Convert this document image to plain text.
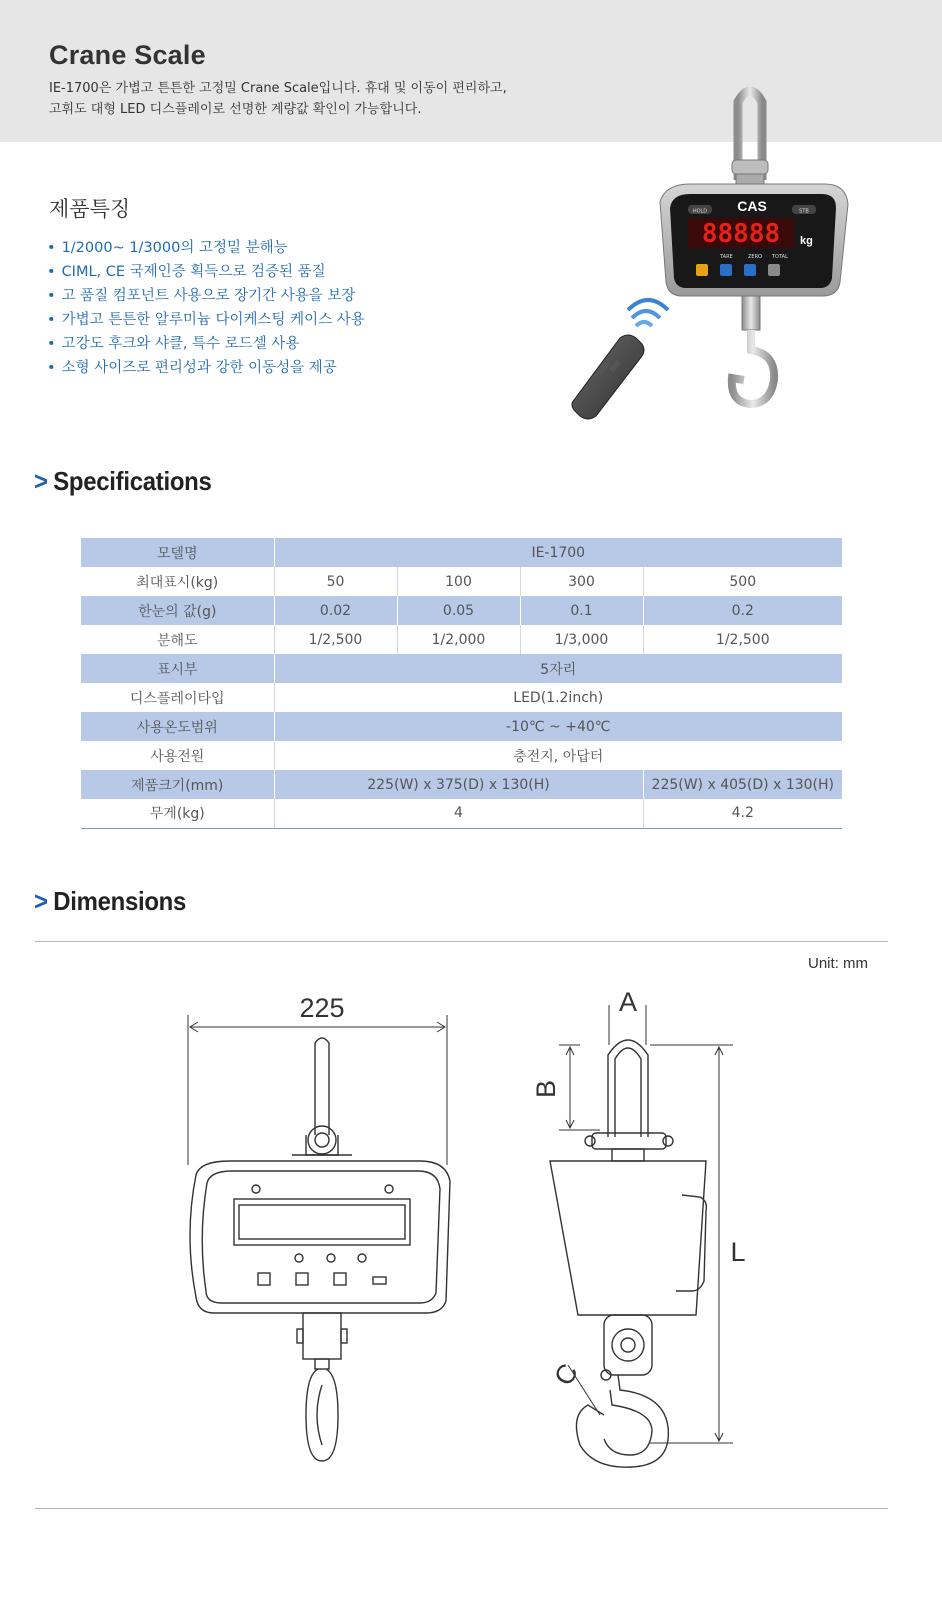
Crane Scale

IE-1700은 가볍고 튼튼한 고정밀 Crane Scale입니다. 휴대 및 이동이 편리하고,

고휘도 대형 LED 디스플레이로 선명한 계량값 확인이 가능합니다.

제품특징
• 1/2000~ 1/3000의 고정밀 분해능
• CIML, CE 국제인증 획득으로 검증된 품질
• 고 품질 컴포넌트 사용으로 장기간 사용을 보장
• 가볍고 튼튼한 알루미늄 다이케스팅 케이스 사용
• 고강도 후크와 샤클, 특수 로드셀 사용
• 소형 사이즈로 편리성과 강한 이동성을 제공
CAS
HOLD	STB
88888 kg
TARE	ZERO TOTAL
> Specifications
모델명	IE-1700			
최대표시(kg)	50	100	300	500
한눈의 값(g)	0.02	0.05	0.1	0.2
분해도	1/2,500	1/2,000	1/3,000	1/2,500
표시부	5자리			
디스플레이타입	LED(1.2inch)			
사용온도범위	-10℃ ~ +40℃			
사용전원	충전지, 아답터			
제품크기(mm)	225(W) x 375(D) x 130(H)			225(W) x 405(D) x 130(H)
무게(kg)	4			4.2
> Dimensions
Unit: mm
225	A
B
C
L
